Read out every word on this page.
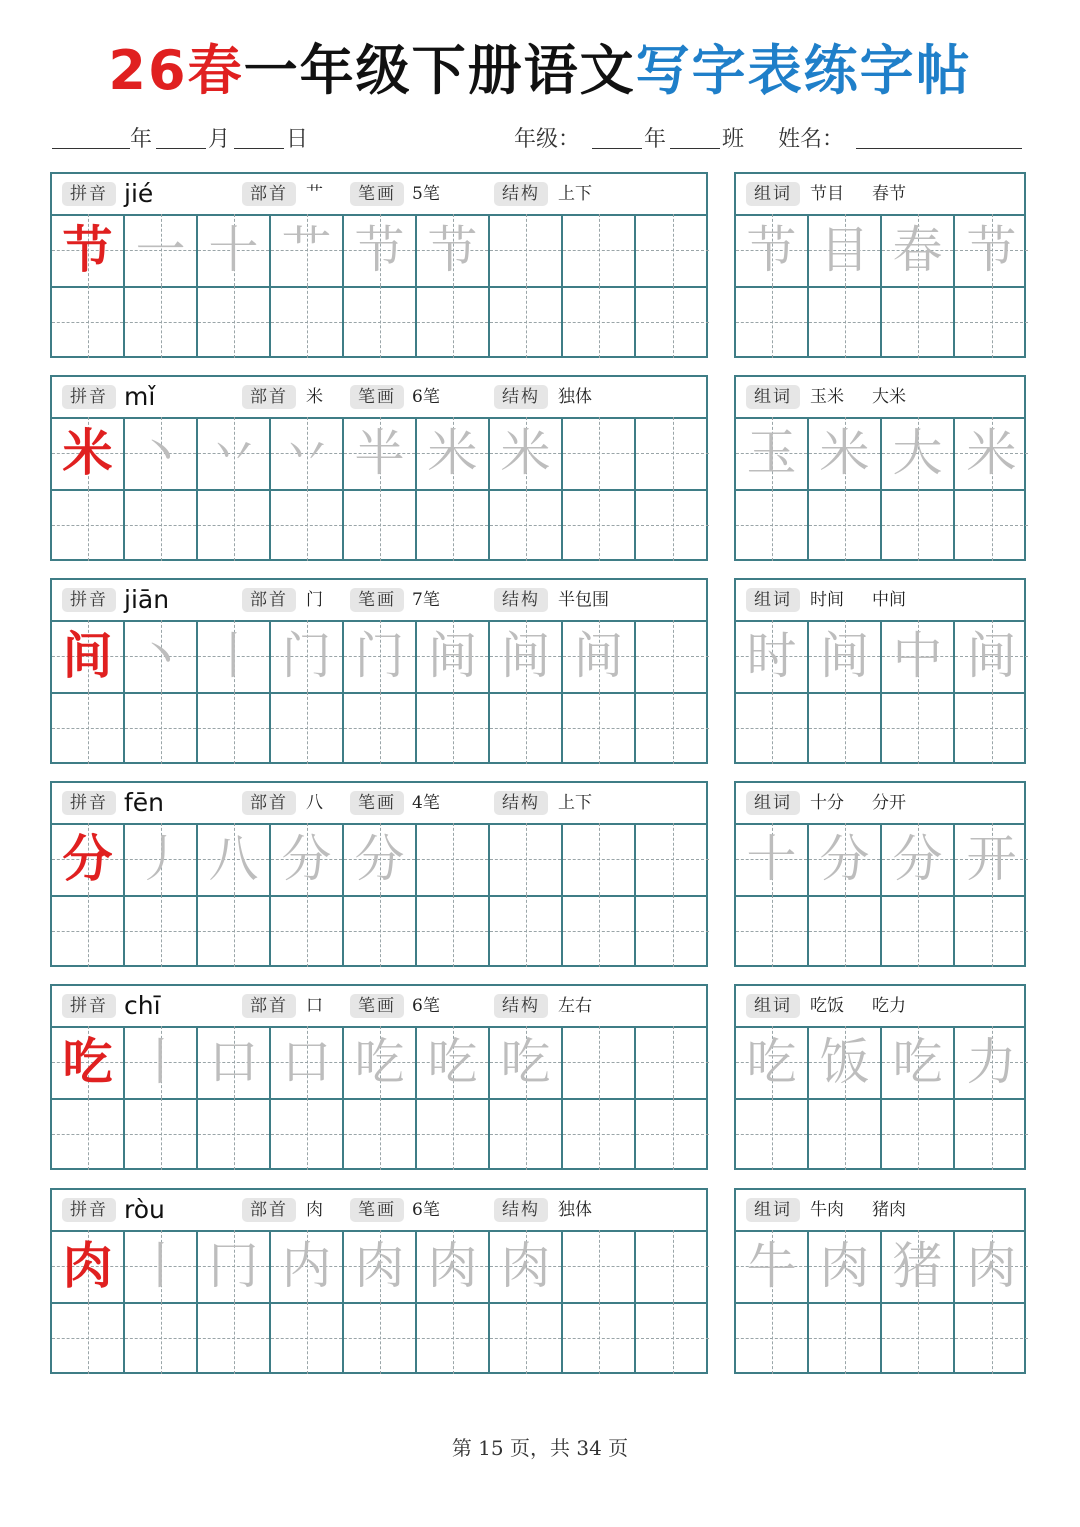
26春一年级下册语文写字表练字帖
年	月	日	年级：	年	班 姓名：
拼音 jié	部首	艹	笔画 5笔	结构	上下
节 一 十 艹 节 节
组词	节目 春节
节 目 春 节
拼音 mǐ	部首	米	笔画 6笔	结构	独体
米 丶 丷 丷 半 米 米
组词	玉米 大米
玉 米 大 米
拼音 jiān	部首	门	笔画 7笔	结构	半包围
间 丶 丨 门 门 间 间 间
组词	时间 中间
时 间 中 间
拼音 fēn	部首	八	笔画 4笔	结构	上下
分 丿 八 分 分
组词	十分 分开
十 分 分 开
拼音 chī	部首	口	笔画 6笔	结构	左右
吃 丨 口 口 吃 吃 吃
组词	吃饭 吃力
吃 饭 吃 力
拼音 ròu	部首	肉	笔画 6笔	结构	独体
肉 丨 冂 内 肉 肉 肉
组词	牛肉 猪肉
牛 肉 猪 肉
第 15 页，共 34 页
